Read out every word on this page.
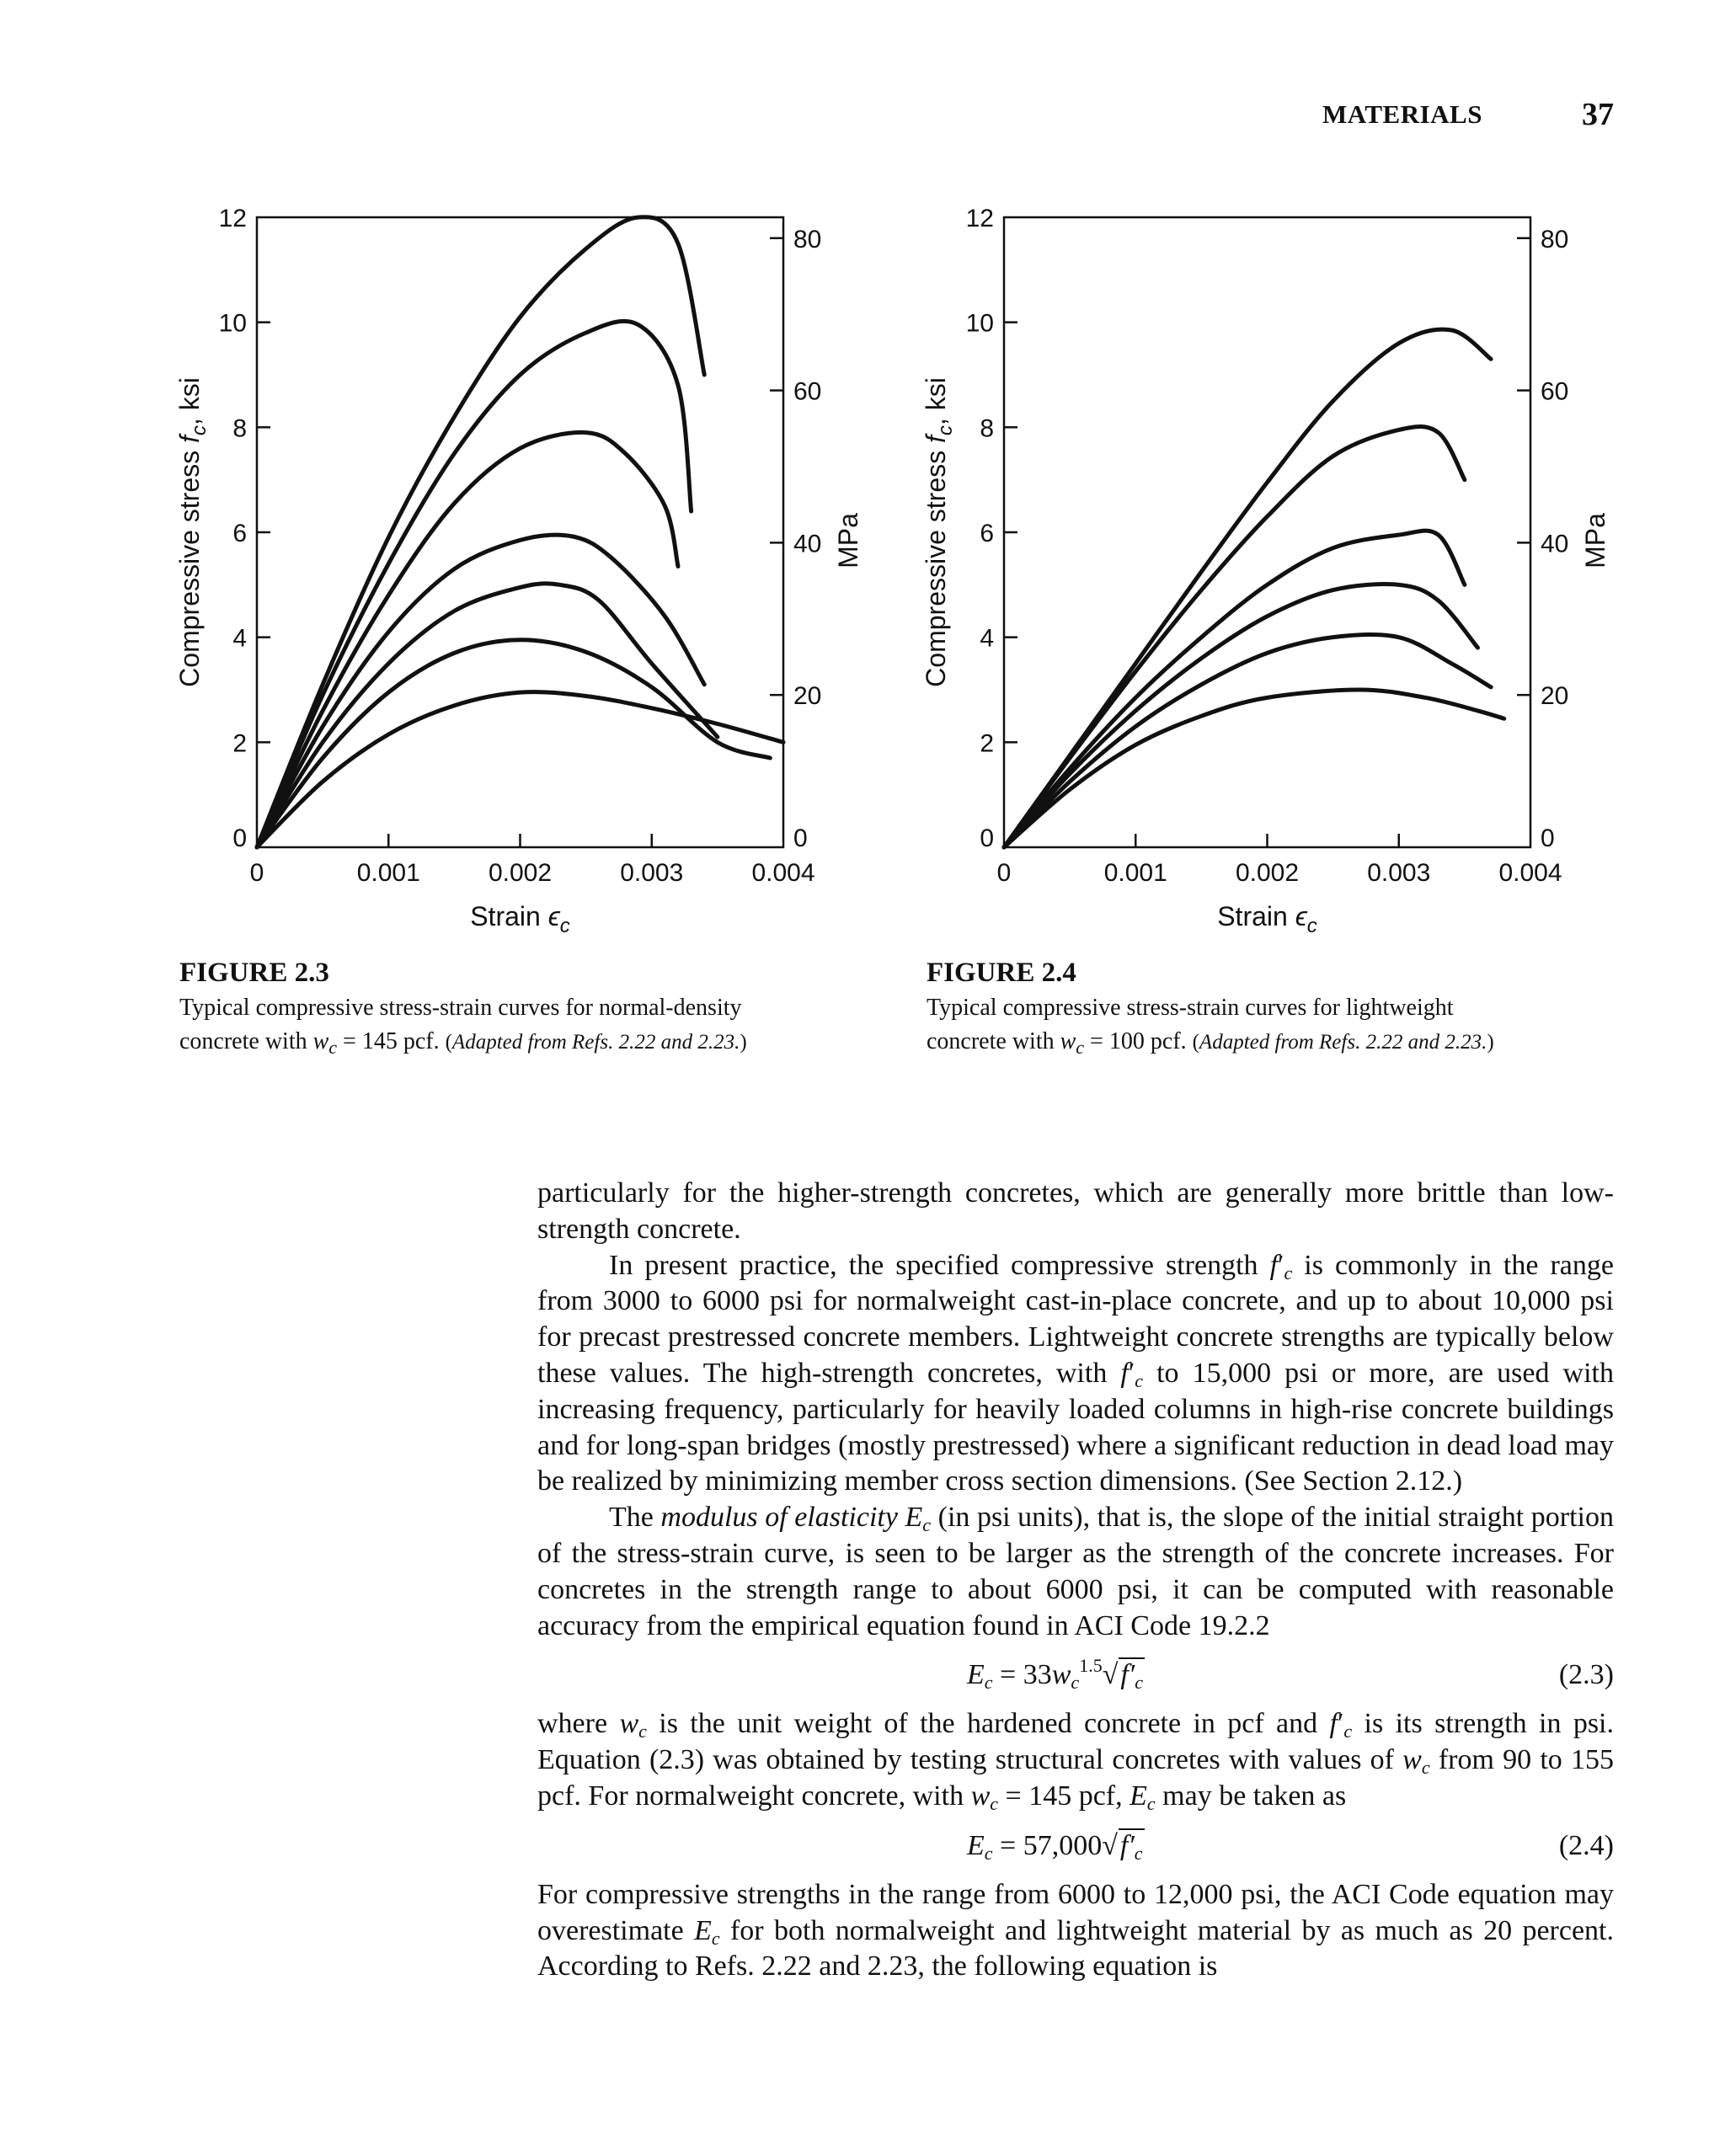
MATERIALS	37
0	0.001	0.002	0.003	0.004
0
2
4
6
8
10
12
0
20
40
60
80
Strain $\epsilon_c$
Compressive stress $f_c$, ksi
MPa
0	0.001	0.002	0.003	0.004
0
2
4
6
8
10
12
0
20
40
60
80
Strain $\epsilon_c$
Compressive stress $f_c$, ksi
MPa
FIGURE 2.3
Typical compressive stress-strain curves for normal-density
concrete with $w_c = 145$ pcf. (Adapted from Refs. 2.22 and 2.23.)
FIGURE 2.4
Typical compressive stress-strain curves for lightweight
concrete with $w_c = 100$ pcf. (Adapted from Refs. 2.22 and 2.23.)

particularly for the higher-strength concretes, which are generally more brittle than low-strength concrete.

In present practice, the specified compressive strength $f'_c$ is commonly in the range from 3000 to 6000 psi for normalweight cast-in-place concrete, and up to about 10,000 psi for precast prestressed concrete members. Lightweight concrete strengths are typically below these values. The high-strength concretes, with $f'_c$ to 15,000 psi or more, are used with increasing frequency, particularly for heavily loaded columns in high-rise concrete buildings and for long-span bridges (mostly prestressed) where a significant reduction in dead load may be realized by minimizing member cross section dimensions. (See Section 2.12.)

The modulus of elasticity $E_c$ (in psi units), that is, the slope of the initial straight portion of the stress-strain curve, is seen to be larger as the strength of the concrete increases. For concretes in the strength range to about 6000 psi, it can be computed with reasonable accuracy from the empirical equation found in ACI Code 19.2.2

$E_c = 33w_c^{1.5}√f'_c$	(2.3)

where $w_c$ is the unit weight of the hardened concrete in pcf and $f'_c$ is its strength in psi. Equation (2.3) was obtained by testing structural concretes with values of $w_c$ from 90 to 155 pcf. For normalweight concrete, with $w_c = 145$ pcf, $E_c$ may be taken as

$E_c = 57,000√f'_c$	(2.4)

For compressive strengths in the range from 6000 to 12,000 psi, the ACI Code equation may overestimate $E_c$ for both normalweight and lightweight material by as much as 20 percent. According to Refs. 2.22 and 2.23, the following equation is
